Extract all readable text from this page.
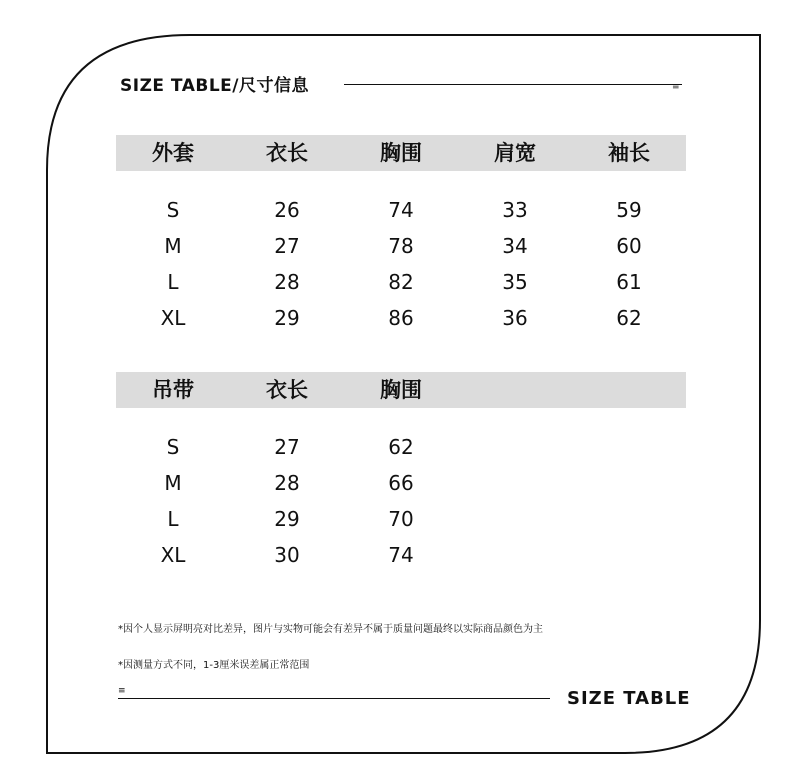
SIZE TABLE/尺寸信息	≡
外套	衣长	胸围	肩宽	袖长
S	26	74	33	59
M	27	78	34	60
L	28	82	35	61
XL	29	86	36	62
吊带	衣长	胸围
S	27	62
M	28	66
L	29	70
XL	30	74
*因个人显示屏明亮对比差异，图片与实物可能会有差异不属于质量问题最终以实际商品颜色为主
*因测量方式不同，1-3厘米误差属正常范围
≡	SIZE TABLE
